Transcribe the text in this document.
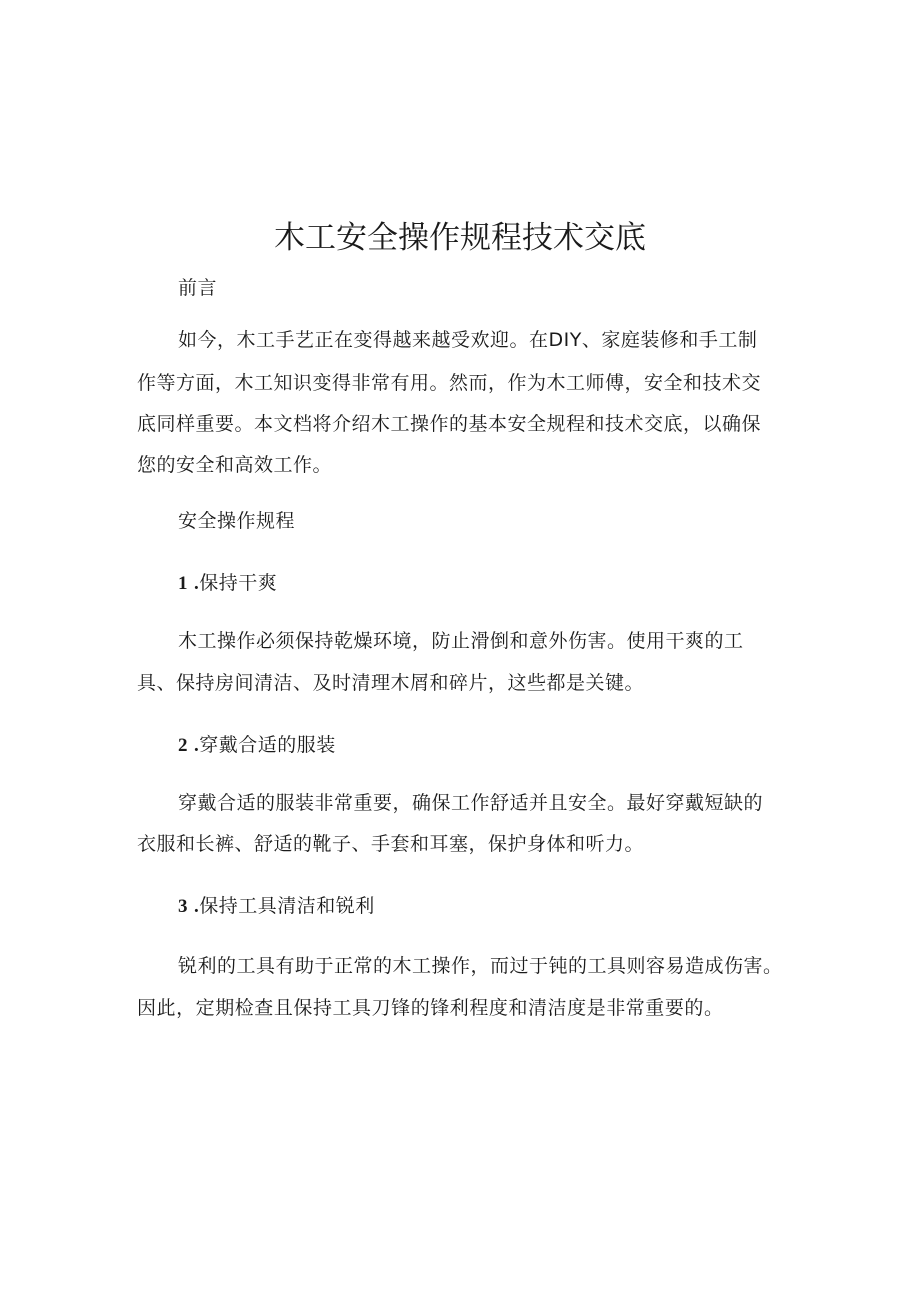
木工安全操作规程技术交底

前言

如今，木工手艺正在变得越来越受欢迎。在DIY、家庭装修和手工制

作等方面，木工知识变得非常有用。然而，作为木工师傅，安全和技术交

底同样重要。本文档将介绍木工操作的基本安全规程和技术交底，以确保

您的安全和高效工作。

安全操作规程

1 .保持干爽

木工操作必须保持乾燥环境，防止滑倒和意外伤害。使用干爽的工

具、保持房间清洁、及时清理木屑和碎片，这些都是关键。

2 .穿戴合适的服装

穿戴合适的服装非常重要，确保工作舒适并且安全。最好穿戴短缺的

衣服和长裤、舒适的靴子、手套和耳塞，保护身体和听力。

3 .保持工具清洁和锐利

锐利的工具有助于正常的木工操作，而过于钝的工具则容易造成伤害。

因此，定期检查且保持工具刀锋的锋利程度和清洁度是非常重要的。
